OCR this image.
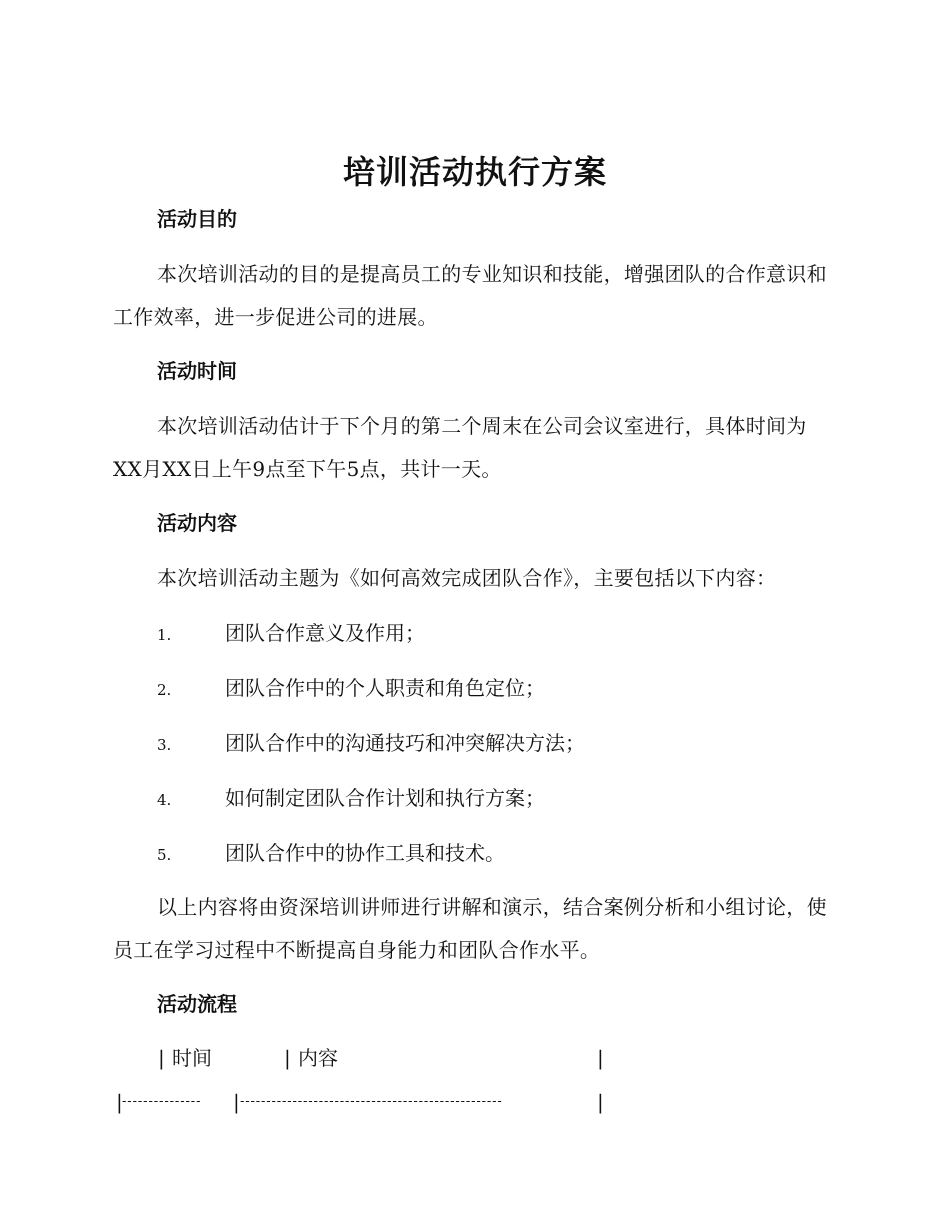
培训活动执行方案
活动目的
本次培训活动的目的是提高员工的专业知识和技能，增强团队的合作意识和工作效率，进一步促进公司的进展。
活动时间
本次培训活动估计于下个月的第二个周末在公司会议室进行，具体时间为XX月XX日上午9点至下午5点，共计一天。
活动内容
本次培训活动主题为《如何高效完成团队合作》，主要包括以下内容：
1.	团队合作意义及作用；
2.	团队合作中的个人职责和角色定位；
3.	团队合作中的沟通技巧和冲突解决方法；
4.	如何制定团队合作计划和执行方案；
5.	团队合作中的协作工具和技术。
以上内容将由资深培训讲师进行讲解和演示，结合案例分析和小组讨论，使员工在学习过程中不断提高自身能力和团队合作水平。
活动流程
| 时间	| 内容	|
| --------------- | --------------------------------------------------	|
